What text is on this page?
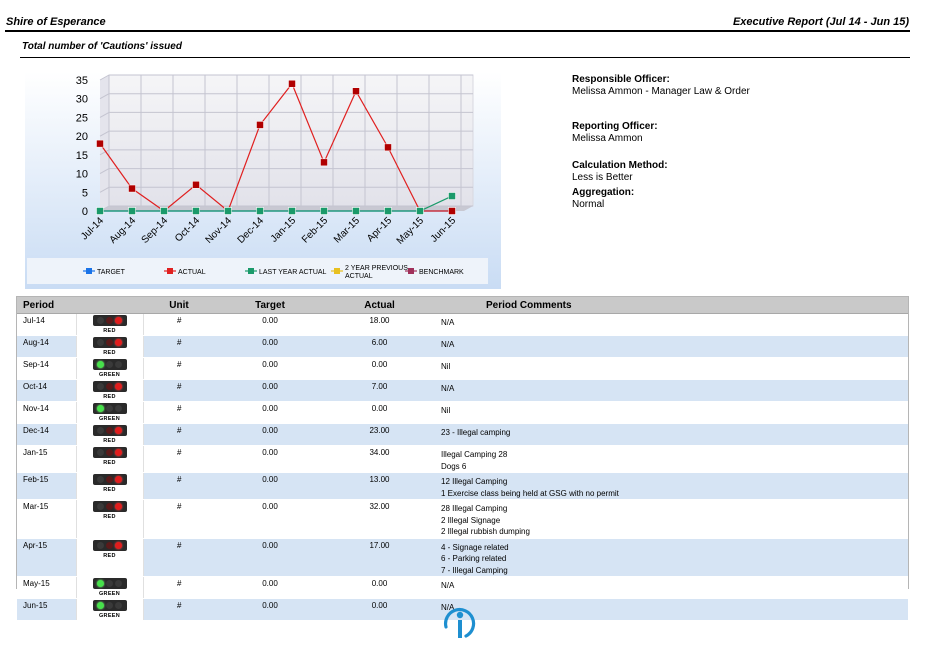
Shire of Esperance	Executive Report (Jul 14 - Jun 15)
Total number of 'Cautions' issued
0
5
10
15
20
25
30
35
Jul-14 Aug-14 Sep-14 Oct-14 Nov-14 Dec-14 Jan-15 Feb-15 Mar-15 Apr-15 May-15 Jun-15
TARGET	ACTUAL	LAST YEAR ACTUAL
2 YEAR PREVIOUS ACTUAL
BENCHMARK
Responsible Officer:
Melissa Ammon - Manager Law & Order
Reporting Officer:
Melissa Ammon
Calculation Method:
Less is Better
Aggregation:
Normal
Period		Unit	Target	Actual	Period Comments
Jul-14	RED	#	0.00	18.00	N/A

Aug-14	RED	#	0.00	6.00	N/A

Sep-14	GREEN	#	0.00	0.00	Nil

Oct-14	RED	#	0.00	7.00	N/A

Nov-14	GREEN	#	0.00	0.00	Nil

Dec-14	RED	#	0.00	23.00	23 - Illegal camping

Jan-15	RED	#	0.00	34.00	Illegal Camping 28
Dogs 6

Feb-15	RED	#	0.00	13.00	12 Illegal Camping
1 Exercise class being held at GSG with no permit

Mar-15	RED	#	0.00	32.00	28 Illegal Camping
2 Illegal Signage
2 Illegal rubbish dumping

Apr-15	RED	#	0.00	17.00	4 - Signage related
6 - Parking related
7 - Illegal Camping

May-15	GREEN	#	0.00	0.00	N/A

Jun-15	GREEN	#	0.00	0.00	N/A
